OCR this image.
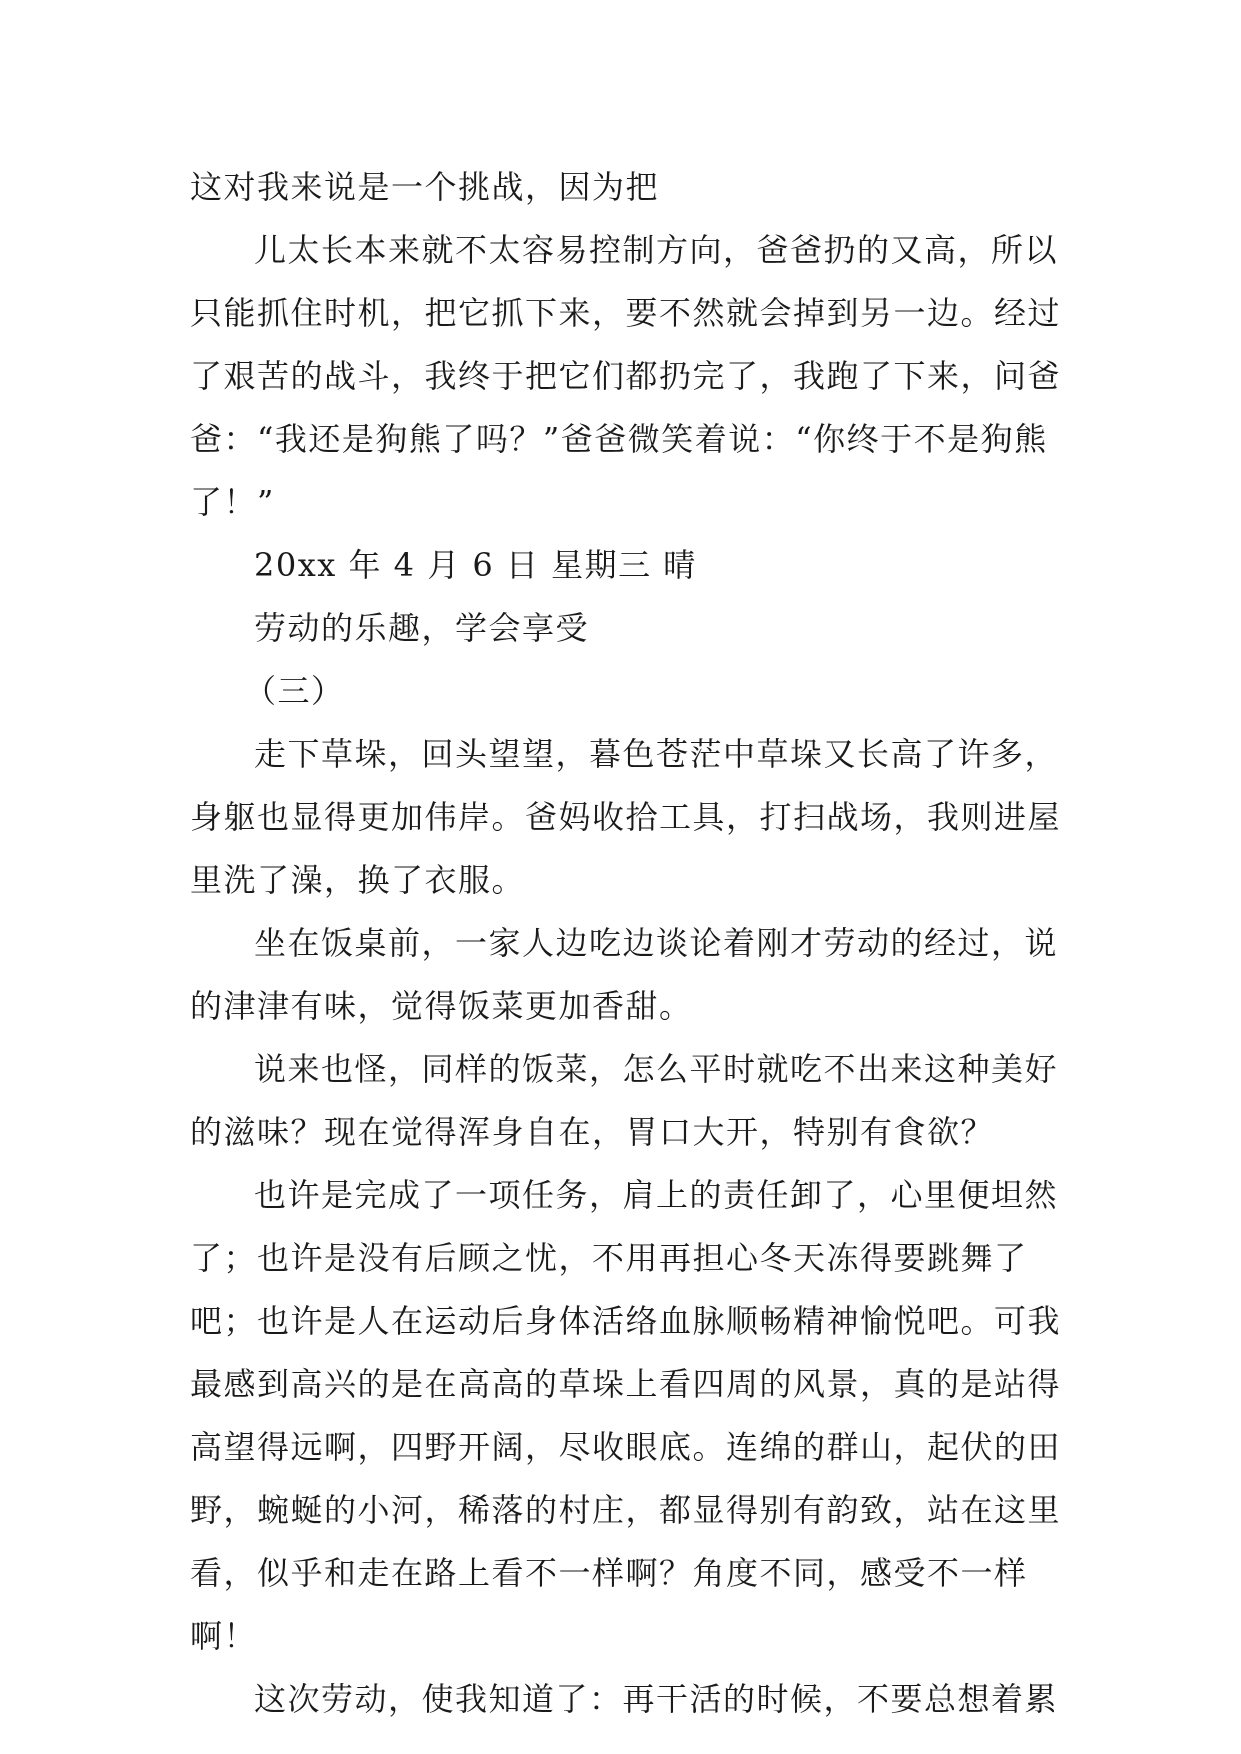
这对我来说是一个挑战，因为把

儿太长本来就不太容易控制方向，爸爸扔的又高，所以只能抓住时机，把它抓下来，要不然就会掉到另一边。经过了艰苦的战斗，我终于把它们都扔完了，我跑了下来，问爸爸：“我还是狗熊了吗？”爸爸微笑着说：“你终于不是狗熊了！”

20xx 年 4 月 6 日 星期三 晴

劳动的乐趣，学会享受

（三）

走下草垛，回头望望，暮色苍茫中草垛又长高了许多，身躯也显得更加伟岸。爸妈收拾工具，打扫战场，我则进屋里洗了澡，换了衣服。

坐在饭桌前，一家人边吃边谈论着刚才劳动的经过，说的津津有味，觉得饭菜更加香甜。

说来也怪，同样的饭菜，怎么平时就吃不出来这种美好的滋味？现在觉得浑身自在，胃口大开，特别有食欲？

也许是完成了一项任务，肩上的责任卸了，心里便坦然了；也许是没有后顾之忧，不用再担心冬天冻得要跳舞了吧；也许是人在运动后身体活络血脉顺畅精神愉悦吧。可我最感到高兴的是在高高的草垛上看四周的风景，真的是站得高望得远啊，四野开阔，尽收眼底。连绵的群山，起伏的田野，蜿蜒的小河，稀落的村庄，都显得别有韵致，站在这里看，似乎和走在路上看不一样啊？角度不同，感受不一样啊！

这次劳动，使我知道了：再干活的时候，不要总想着累
